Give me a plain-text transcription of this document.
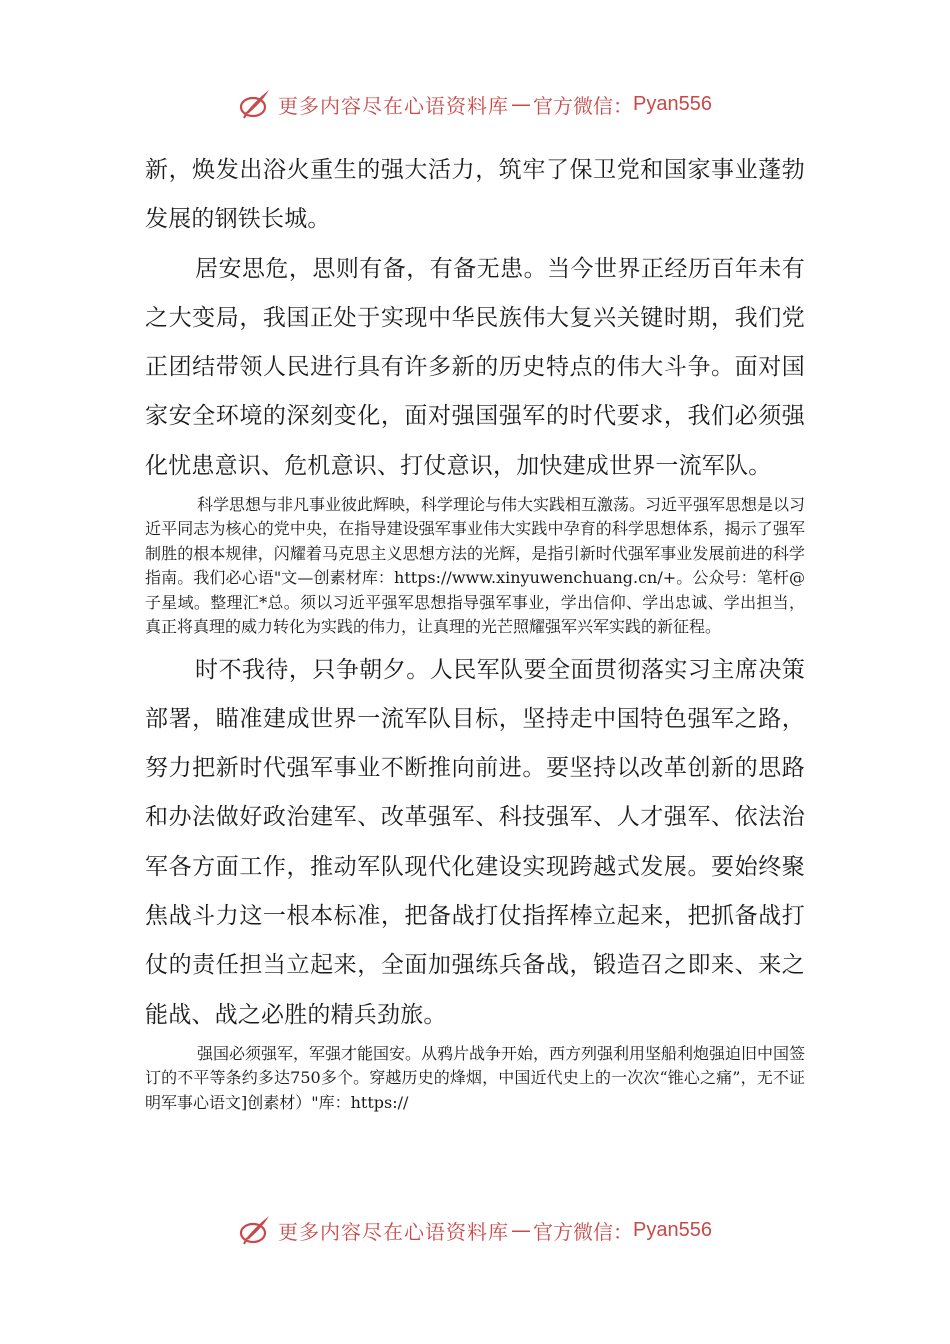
更多内容尽在心语资料库 — 官方微信： Pyan556

新，焕发出浴火重生的强大活力，筑牢了保卫党和国家事业蓬勃发展的钢铁长城。

居安思危，思则有备，有备无患。当今世界正经历百年未有之大变局，我国正处于实现中华民族伟大复兴关键时期，我们党正团结带领人民进行具有许多新的历史特点的伟大斗争。面对国家安全环境的深刻变化，面对强国强军的时代要求，我们必须强化忧患意识、危机意识、打仗意识，加快建成世界一流军队。

科学思想与非凡事业彼此辉映，科学理论与伟大实践相互激荡。习近平强军思想是以习近平同志为核心的党中央，在指导建设强军事业伟大实践中孕育的科学思想体系，揭示了强军制胜的根本规律，闪耀着马克思主义思想方法的光辉，是指引新时代强军事业发展前进的科学指南。我们必心语"文—创素材库：https://www.xinyuwenchuang.cn/+。公众号：笔杆@子星域。整理汇*总。须以习近平强军思想指导强军事业，学出信仰、学出忠诚、学出担当，真正将真理的威力转化为实践的伟力，让真理的光芒照耀强军兴军实践的新征程。

时不我待，只争朝夕。人民军队要全面贯彻落实习主席决策部署，瞄准建成世界一流军队目标，坚持走中国特色强军之路，努力把新时代强军事业不断推向前进。要坚持以改革创新的思路和办法做好政治建军、改革强军、科技强军、人才强军、依法治军各方面工作，推动军队现代化建设实现跨越式发展。要始终聚焦战斗力这一根本标准，把备战打仗指挥棒立起来，把抓备战打仗的责任担当立起来，全面加强练兵备战，锻造召之即来、来之能战、战之必胜的精兵劲旅。

强国必须强军，军强才能国安。从鸦片战争开始，西方列强利用坚船利炮强迫旧中国签订的不平等条约多达750多个。穿越历史的烽烟，中国近代史上的一次次“锥心之痛”，无不证明军事心语文]创素材）"库：https://

更多内容尽在心语资料库 — 官方微信： Pyan556
